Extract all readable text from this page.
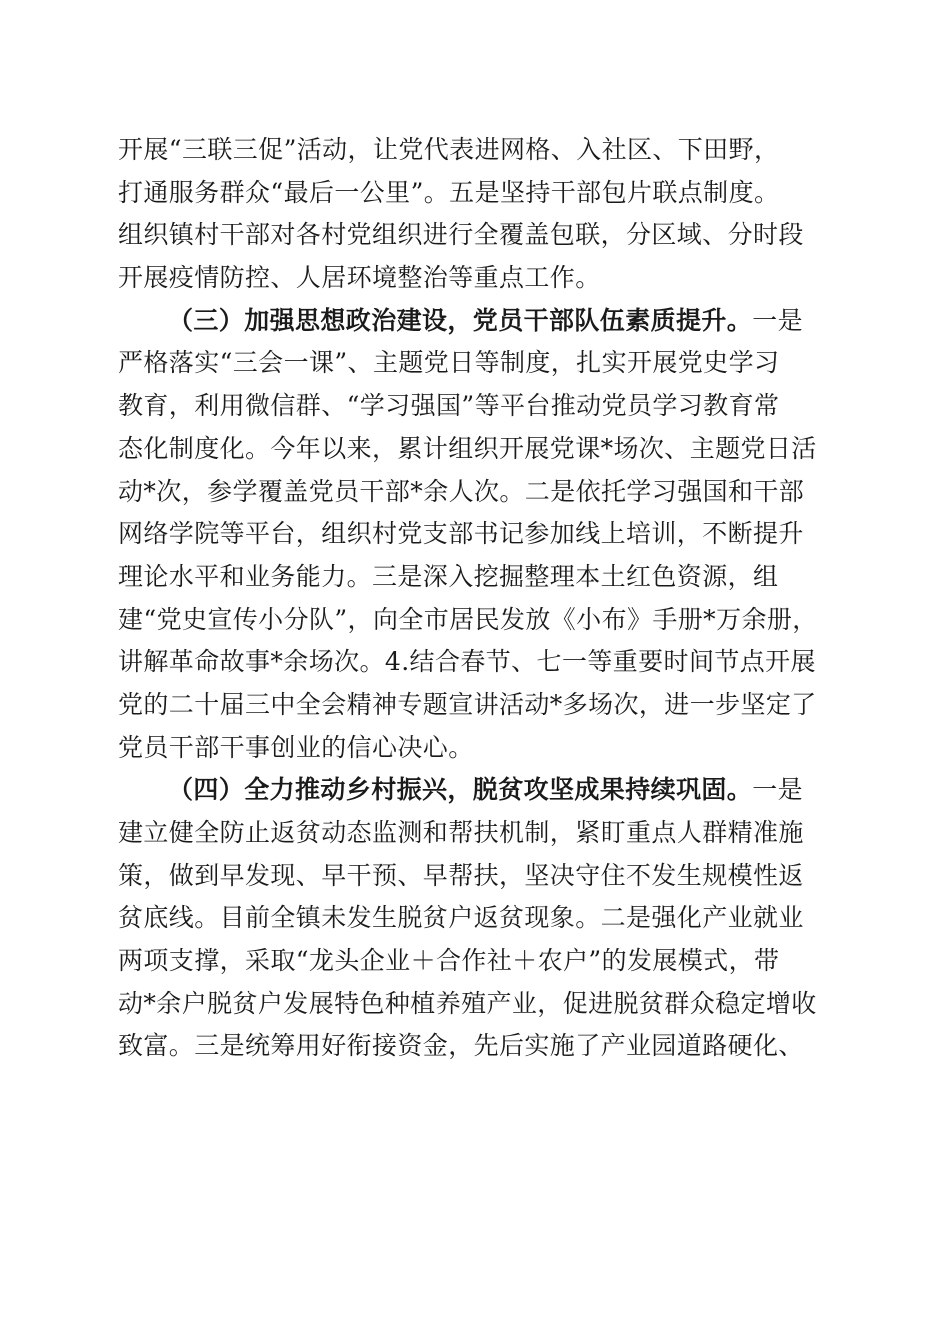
开展“三联三促”活动，让党代表进网格、入社区、下田野，
打通服务群众“最后一公里”。五是坚持干部包片联点制度。
组织镇村干部对各村党组织进行全覆盖包联，分区域、分时段
开展疫情防控、人居环境整治等重点工作。
（三）加强思想政治建设，党员干部队伍素质提升。一是
严格落实“三会一课”、主题党日等制度，扎实开展党史学习
教育，利用微信群、“学习强国”等平台推动党员学习教育常
态化制度化。今年以来，累计组织开展党课*场次、主题党日活
动*次，参学覆盖党员干部*余人次。二是依托学习强国和干部
网络学院等平台，组织村党支部书记参加线上培训，不断提升
理论水平和业务能力。三是深入挖掘整理本土红色资源，组
建“党史宣传小分队”，向全市居民发放《小布》手册*万余册，
讲解革命故事*余场次。4.结合春节、七一等重要时间节点开展
党的二十届三中全会精神专题宣讲活动*多场次，进一步坚定了
党员干部干事创业的信心决心。
（四）全力推动乡村振兴，脱贫攻坚成果持续巩固。一是
建立健全防止返贫动态监测和帮扶机制，紧盯重点人群精准施
策，做到早发现、早干预、早帮扶，坚决守住不发生规模性返
贫底线。目前全镇未发生脱贫户返贫现象。二是强化产业就业
两项支撑，采取“龙头企业＋合作社＋农户”的发展模式，带
动*余户脱贫户发展特色种植养殖产业，促进脱贫群众稳定增收
致富。三是统筹用好衔接资金，先后实施了产业园道路硬化、
